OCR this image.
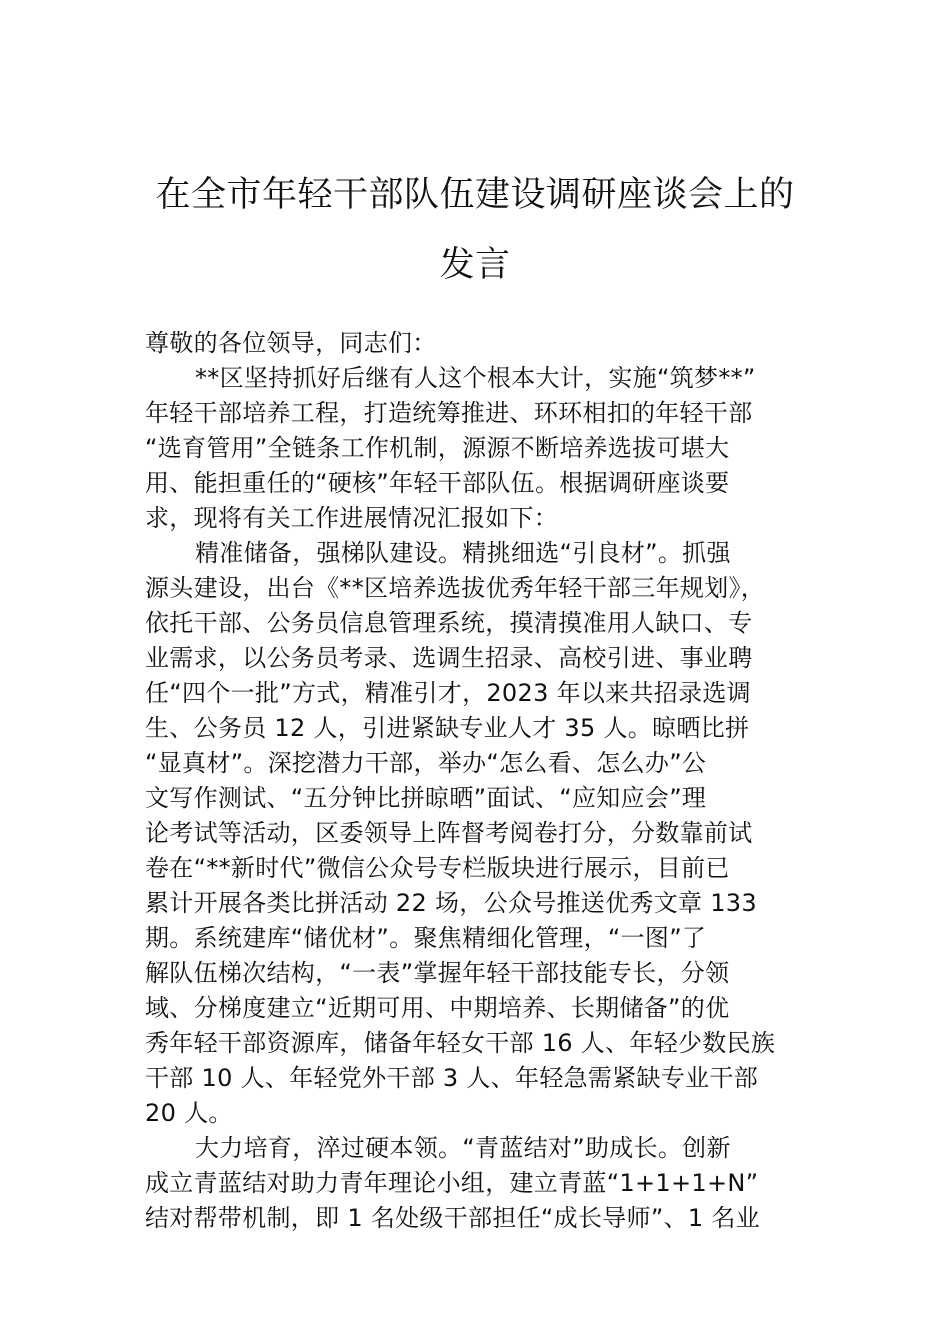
在全市年轻干部队伍建设调研座谈会上的
发言
尊敬的各位领导，同志们：
**区坚持抓好后继有人这个根本大计，实施“筑梦**”
年轻干部培养工程，打造统筹推进、环环相扣的年轻干部
“选育管用”全链条工作机制，源源不断培养选拔可堪大
用、能担重任的“硬核”年轻干部队伍。根据调研座谈要
求，现将有关工作进展情况汇报如下：
精准储备，强梯队建设。精挑细选“引良材”。抓强
源头建设，出台《**区培养选拔优秀年轻干部三年规划》，
依托干部、公务员信息管理系统，摸清摸准用人缺口、专
业需求，以公务员考录、选调生招录、高校引进、事业聘
任“四个一批”方式，精准引才，2023 年以来共招录选调
生、公务员 12 人，引进紧缺专业人才 35 人。晾晒比拼
“显真材”。深挖潜力干部，举办“怎么看、怎么办”公
文写作测试、“五分钟比拼晾晒”面试、“应知应会”理
论考试等活动，区委领导上阵督考阅卷打分，分数靠前试
卷在“**新时代”微信公众号专栏版块进行展示，目前已
累计开展各类比拼活动 22 场，公众号推送优秀文章 133
期。系统建库“储优材”。聚焦精细化管理，“一图”了
解队伍梯次结构，“一表”掌握年轻干部技能专长，分领
域、分梯度建立“近期可用、中期培养、长期储备”的优
秀年轻干部资源库，储备年轻女干部 16 人、年轻少数民族
干部 10 人、年轻党外干部 3 人、年轻急需紧缺专业干部
20 人。
大力培育，淬过硬本领。“青蓝结对”助成长。创新
成立青蓝结对助力青年理论小组，建立青蓝“1+1+1+N”
结对帮带机制，即 1 名处级干部担任“成长导师”、1 名业
